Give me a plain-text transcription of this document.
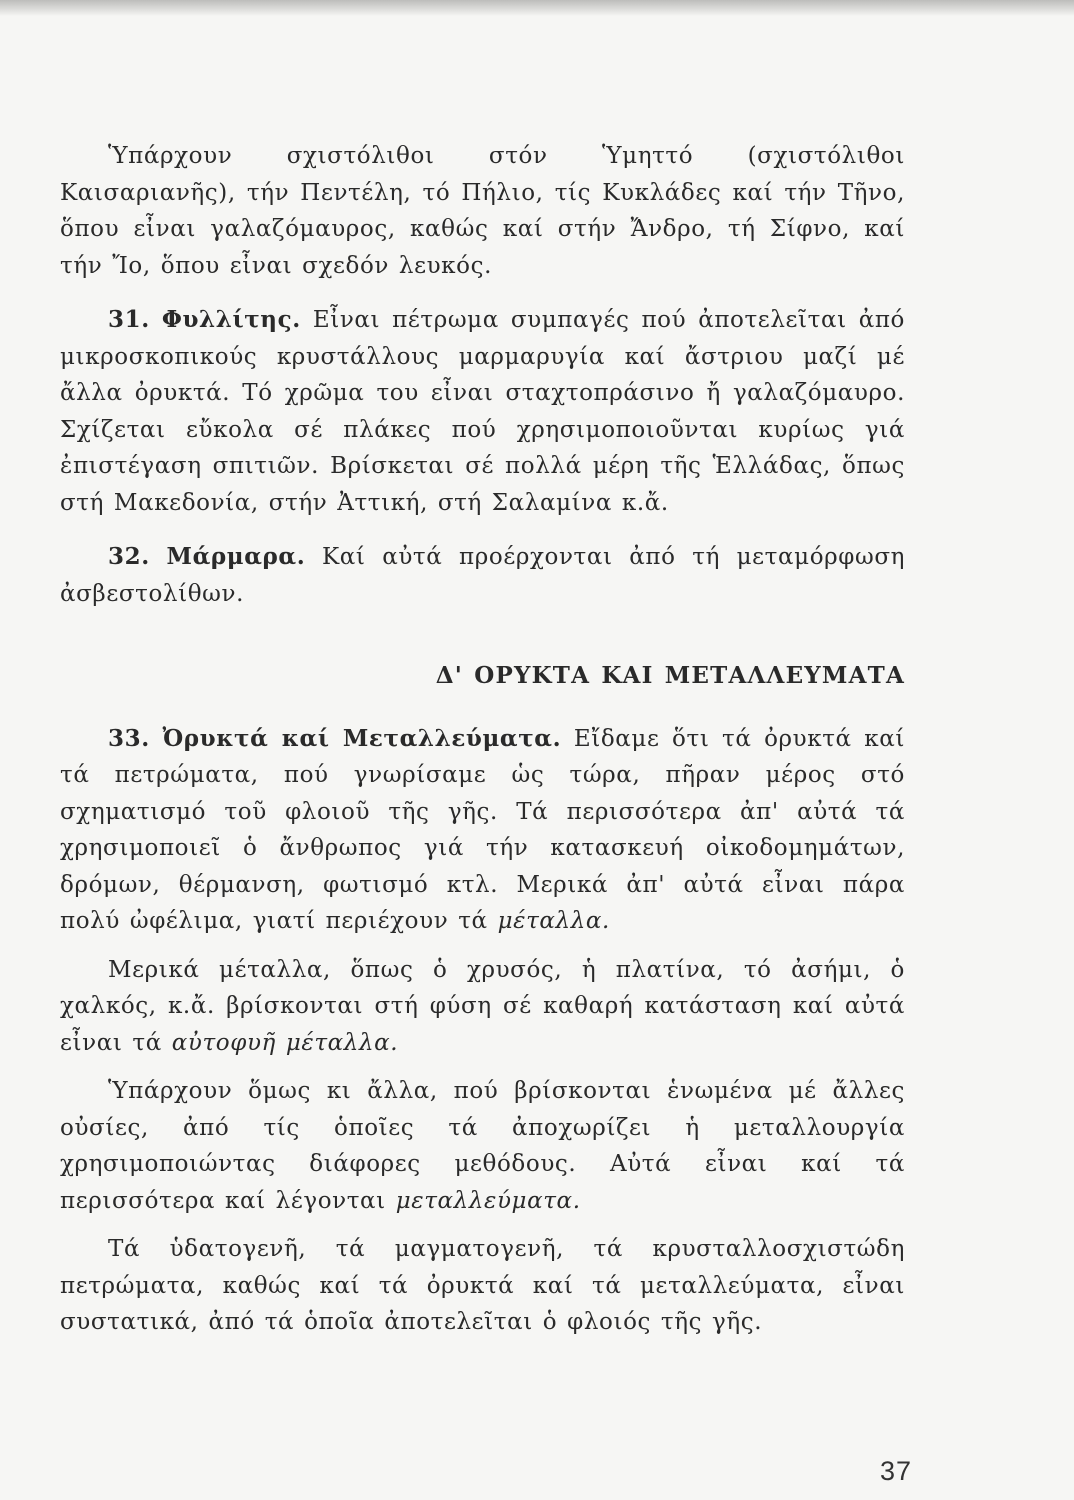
Ὑπάρχουν σχιστόλιθοι στόν Ὑμηττό (σχιστόλιθοι Καισαριανῆς), τήν Πεντέλη, τό Πήλιο, τίς Κυκλάδες καί τήν Τῆνο, ὅπου εἶναι γαλαζόμαυρος, καθώς καί στήν Ἄνδρο, τή Σίφνο, καί τήν Ἴο, ὅπου εἶναι σχεδόν λευκός.

31. Φυλλίτης. Εἶναι πέτρωμα συμπαγές πού ἀποτελεῖται ἀπό μικροσκοπικούς κρυστάλλους μαρμαρυγία καί ἄστριου μαζί μέ ἄλλα ὀρυκτά. Τό χρῶμα του εἶναι σταχτοπράσινο ἤ γαλαζόμαυρο. Σχίζεται εὔκολα σέ πλάκες πού χρησιμοποιοῦνται κυρίως γιά ἐπιστέγαση σπιτιῶν. Βρίσκεται σέ πολλά μέρη τῆς Ἑλλάδας, ὅπως στή Μακεδονία, στήν Ἀττική, στή Σαλαμίνα κ.ἄ.

32. Μάρμαρα. Καί αὐτά προέρχονται ἀπό τή μεταμόρφωση ἀσβεστολίθων.

Δ' ΟΡΥΚΤΑ ΚΑΙ ΜΕΤΑΛΛΕΥΜΑΤΑ

33. Ὀρυκτά καί Μεταλλεύματα. Εἴδαμε ὅτι τά ὀρυκτά καί τά πετρώματα, πού γνωρίσαμε ὡς τώρα, πῆραν μέρος στό σχηματισμό τοῦ φλοιοῦ τῆς γῆς. Τά περισσότερα ἀπ' αὐτά τά χρησιμοποιεῖ ὁ ἄνθρωπος γιά τήν κατασκευή οἰκοδομημάτων, δρόμων, θέρμανση, φωτισμό κτλ. Μερικά ἀπ' αὐτά εἶναι πάρα πολύ ὠφέλιμα, γιατί περιέχουν τά μέταλλα.

Μερικά μέταλλα, ὅπως ὁ χρυσός, ἡ πλατίνα, τό ἀσήμι, ὁ χαλκός, κ.ἄ. βρίσκονται στή φύση σέ καθαρή κατάσταση καί αὐτά εἶναι τά αὐτοφυῆ μέταλλα.

Ὑπάρχουν ὅμως κι ἄλλα, πού βρίσκονται ἑνωμένα μέ ἄλλες οὐσίες, ἀπό τίς ὁποῖες τά ἀποχωρίζει ἡ μεταλλουργία χρησιμοποιώντας διάφορες μεθόδους. Αὐτά εἶναι καί τά περισσότερα καί λέγονται μεταλλεύματα.

Τά ὑδατογενῆ, τά μαγματογενῆ, τά κρυσταλλοσχιστώδη πετρώματα, καθώς καί τά ὀρυκτά καί τά μεταλλεύματα, εἶναι συστατικά, ἀπό τά ὁποῖα ἀποτελεῖται ὁ φλοιός τῆς γῆς.

37
